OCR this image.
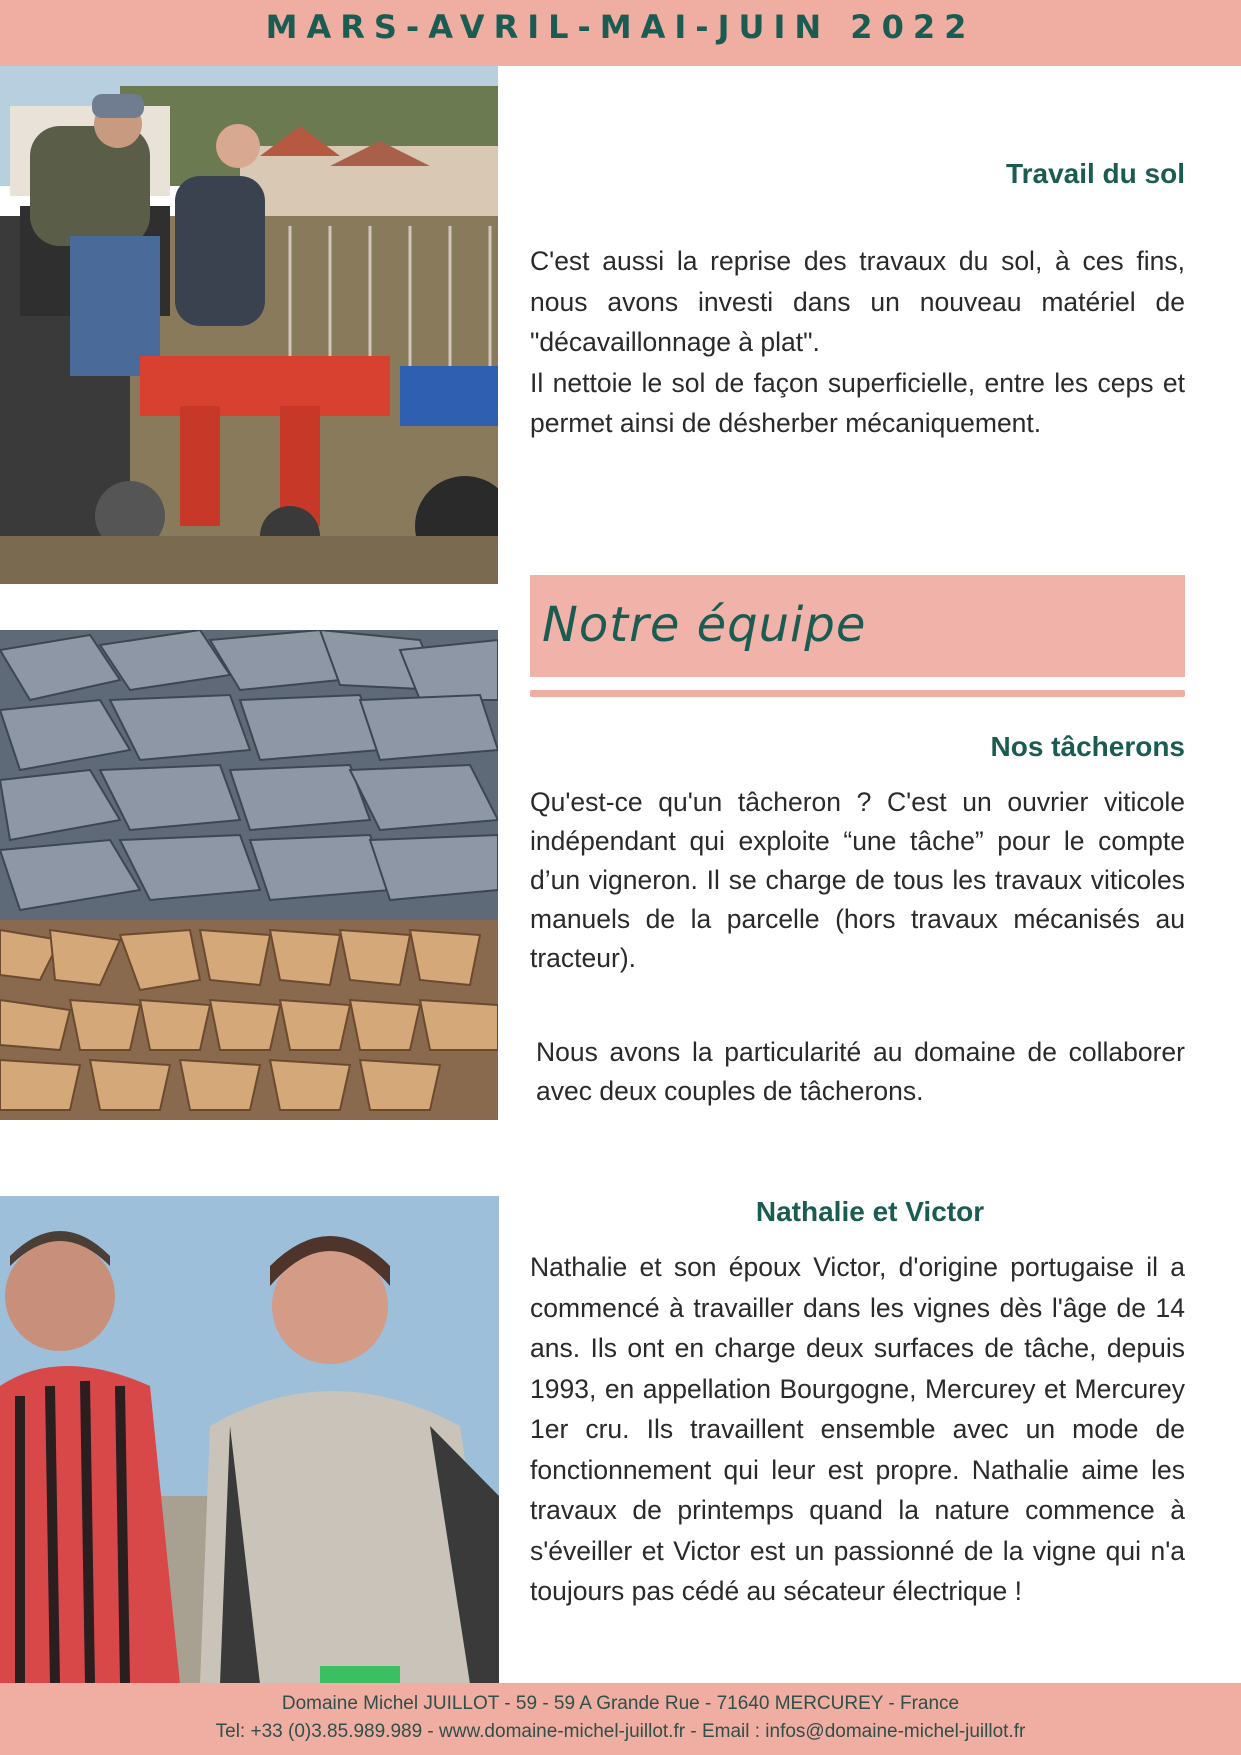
MARS-AVRIL-MAI-JUIN 2022
Travail du sol

C'est aussi la reprise des travaux du sol, à ces fins, nous avons investi dans un nouveau matériel de "décavaillonnage à plat".

Il nettoie le sol de façon superficielle, entre les ceps et permet ainsi de désherber mécaniquement.

Notre équipe
Nos tâcherons
Qu'est-ce qu'un tâcheron ? C'est un ouvrier viticole indépendant qui exploite “une tâche” pour le compte d’un vigneron. Il se charge de tous les travaux viticoles manuels de la parcelle (hors travaux mécanisés au tracteur).
Nous avons la particularité au domaine de collaborer avec deux couples de tâcherons.
Nathalie et Victor
Nathalie et son époux Victor, d'origine portugaise il a commencé à travailler dans les vignes dès l'âge de 14 ans. Ils ont en charge deux surfaces de tâche, depuis 1993, en appellation Bourgogne, Mercurey et Mercurey 1er cru. Ils travaillent ensemble avec un mode de fonctionnement qui leur est propre. Nathalie aime les travaux de printemps quand la nature commence à s'éveiller et Victor est un passionné de la vigne qui n'a toujours pas cédé au sécateur électrique !
Domaine Michel JUILLOT - 59 - 59 A Grande Rue - 71640 MERCUREY - France
Tel: +33 (0)3.85.989.989 - www.domaine-michel-juillot.fr - Email : infos@domaine-michel-juillot.fr
